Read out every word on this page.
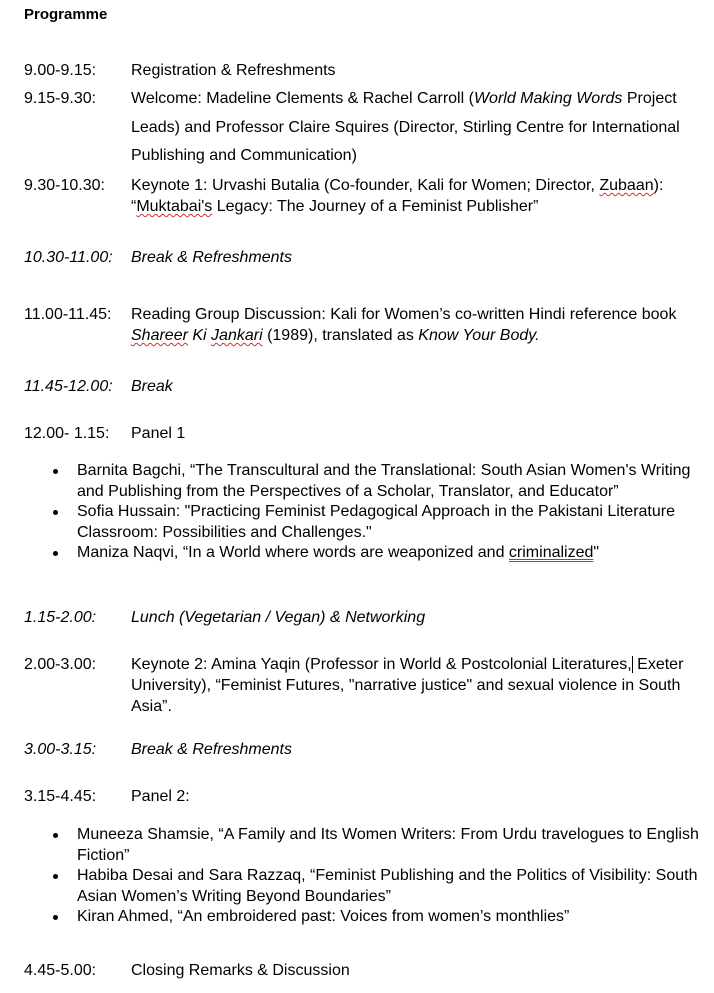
Programme
9.00-9.15:	Registration & Refreshments
9.15-9.30:	Welcome: Madeline Clements & Rachel Carroll (World Making Words Project Leads) and Professor Claire Squires (Director, Stirling Centre for International Publishing and Communication)
9.30-10.30:	Keynote 1: Urvashi Butalia (Co-founder, Kali for Women; Director, Zubaan):
“Muktabai's Legacy: The Journey of a Feminist Publisher”
10.30-11.00:	Break & Refreshments
11.00-11.45:	Reading Group Discussion: Kali for Women’s co-written Hindi reference book
Shareer Ki Jankari (1989), translated as Know Your Body.
11.45-12.00:	Break
12.00- 1.15:	Panel 1
Barnita Bagchi, “The Transcultural and the Translational: South Asian Women's Writing and Publishing from the Perspectives of a Scholar, Translator, and Educator”
Sofia Hussain: "Practicing Feminist Pedagogical Approach in the Pakistani Literature Classroom: Possibilities and Challenges."
Maniza Naqvi, “In a World where words are weaponized and criminalized"
1.15-2.00:	Lunch (Vegetarian / Vegan) & Networking
2.00-3.00:	Keynote 2: Amina Yaqin (Professor in World & Postcolonial Literatures, Exeter University), “Feminist Futures, "narrative justice" and sexual violence in South Asia”.
3.00-3.15:	Break & Refreshments
3.15-4.45:	Panel 2:
Muneeza Shamsie, “A Family and Its Women Writers: From Urdu travelogues to English Fiction”
Habiba Desai and Sara Razzaq, “Feminist Publishing and the Politics of Visibility: South Asian Women’s Writing Beyond Boundaries”
Kiran Ahmed, “An embroidered past: Voices from women’s monthlies”
4.45-5.00:	Closing Remarks & Discussion
